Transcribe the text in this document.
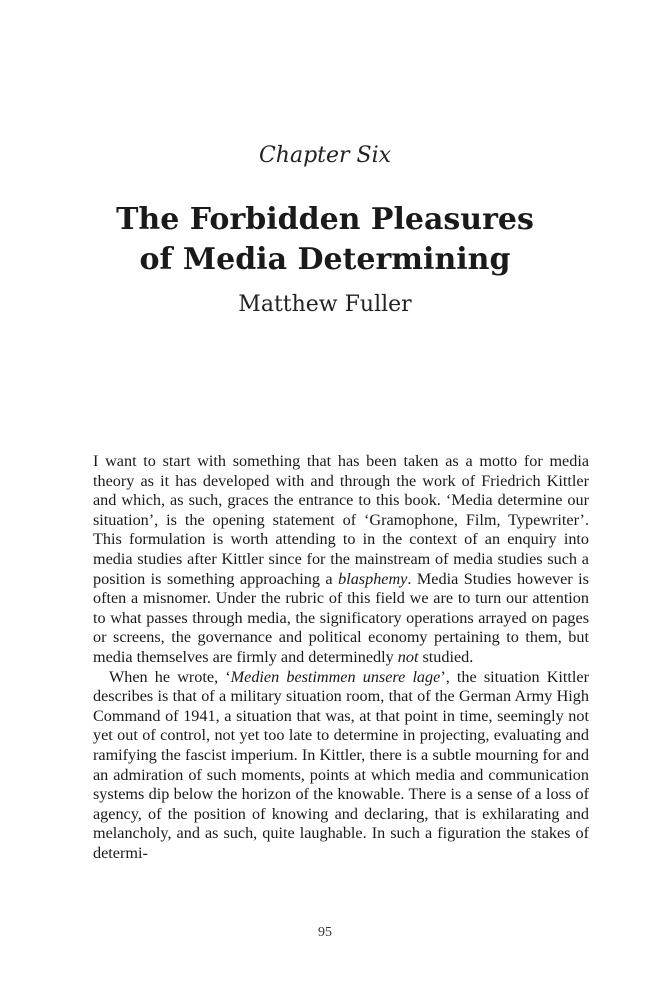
Chapter Six
The Forbidden Pleasures
of Media Determining
Matthew Fuller

I want to start with something that has been taken as a motto for media theory as it has developed with and through the work of Friedrich Kittler and which, as such, graces the entrance to this book. ‘Media determine our situation’, is the opening statement of ‘Gramophone, Film, Typewriter’. This formulation is worth attending to in the context of an enquiry into media studies after Kittler since for the mainstream of media studies such a position is something approaching a blasphemy. Media Studies however is often a misnomer. Under the rubric of this field we are to turn our attention to what passes through media, the significatory operations arrayed on pages or screens, the governance and political economy pertaining to them, but media themselves are firmly and determinedly not studied.

When he wrote, ‘Medien bestimmen unsere lage’, the situation Kittler describes is that of a military situation room, that of the German Army High Command of 1941, a situation that was, at that point in time, seemingly not yet out of control, not yet too late to determine in projecting, evaluating and ramifying the fascist imperium. In Kittler, there is a subtle mourning for and an admiration of such moments, points at which media and communication systems dip below the horizon of the knowable. There is a sense of a loss of agency, of the position of knowing and declaring, that is exhilarating and melancholy, and as such, quite laughable. In such a figuration the stakes of determi-

95
